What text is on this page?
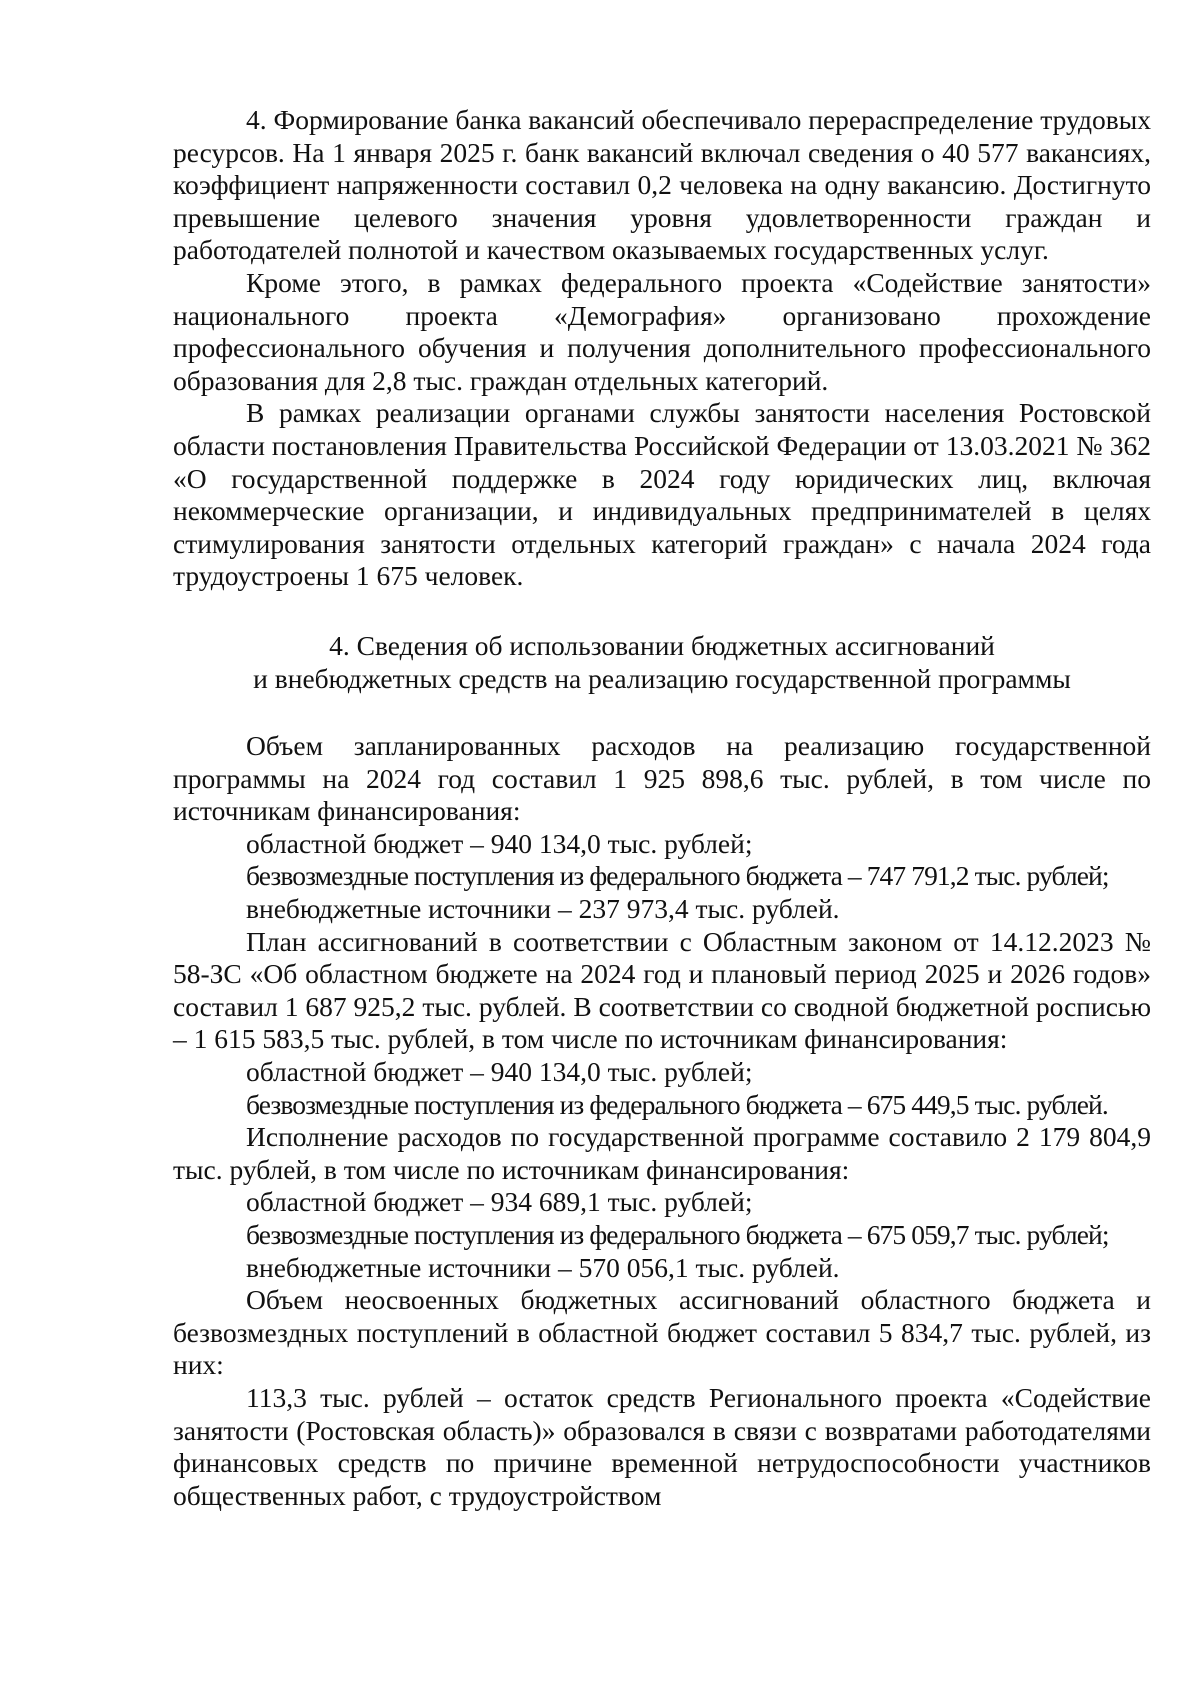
4. Формирование банка вакансий обеспечивало перераспределение трудовых ресурсов. На 1 января 2025 г. банк вакансий включал сведения о 40 577 вакансиях, коэффициент напряженности составил 0,2 человека на одну вакансию. Достигнуто превышение целевого значения уровня удовлетворенности граждан и работодателей полнотой и качеством оказываемых государственных услуг.

Кроме этого, в рамках федерального проекта «Содействие занятости» национального проекта «Демография» организовано прохождение профессионального обучения и получения дополнительного профессионального образования для 2,8 тыс. граждан отдельных категорий.

В рамках реализации органами службы занятости населения Ростовской области постановления Правительства Российской Федерации от 13.03.2021 № 362 «О государственной поддержке в 2024 году юридических лиц, включая некоммерческие организации, и индивидуальных предпринимателей в целях стимулирования занятости отдельных категорий граждан» с начала 2024 года трудоустроены 1 675 человек.

4. Сведения об использовании бюджетных ассигнований

и внебюджетных средств на реализацию государственной программы

Объем запланированных расходов на реализацию государственной программы на 2024 год составил 1 925 898,6 тыс. рублей, в том числе по источникам финансирования:

областной бюджет – 940 134,0 тыс. рублей;

безвозмездные поступления из федерального бюджета – 747 791,2 тыс. рублей;

внебюджетные источники – 237 973,4 тыс. рублей.

План ассигнований в соответствии с Областным законом от 14.12.2023 № 58-ЗС «Об областном бюджете на 2024 год и плановый период 2025 и 2026 годов» составил 1 687 925,2 тыс. рублей. В соответствии со сводной бюджетной росписью – 1 615 583,5 тыс. рублей, в том числе по источникам финансирования:

областной бюджет – 940 134,0 тыс. рублей;

безвозмездные поступления из федерального бюджета – 675 449,5 тыс. рублей.

Исполнение расходов по государственной программе составило 2 179 804,9 тыс. рублей, в том числе по источникам финансирования:

областной бюджет – 934 689,1 тыс. рублей;

безвозмездные поступления из федерального бюджета – 675 059,7 тыс. рублей;

внебюджетные источники – 570 056,1 тыс. рублей.

Объем неосвоенных бюджетных ассигнований областного бюджета и безвозмездных поступлений в областной бюджет составил 5 834,7 тыс. рублей, из них:

113,3 тыс. рублей – остаток средств Регионального проекта «Содействие занятости (Ростовская область)» образовался в связи с возвратами работодателями финансовых средств по причине временной нетрудоспособности участников общественных работ, с трудоустройством
